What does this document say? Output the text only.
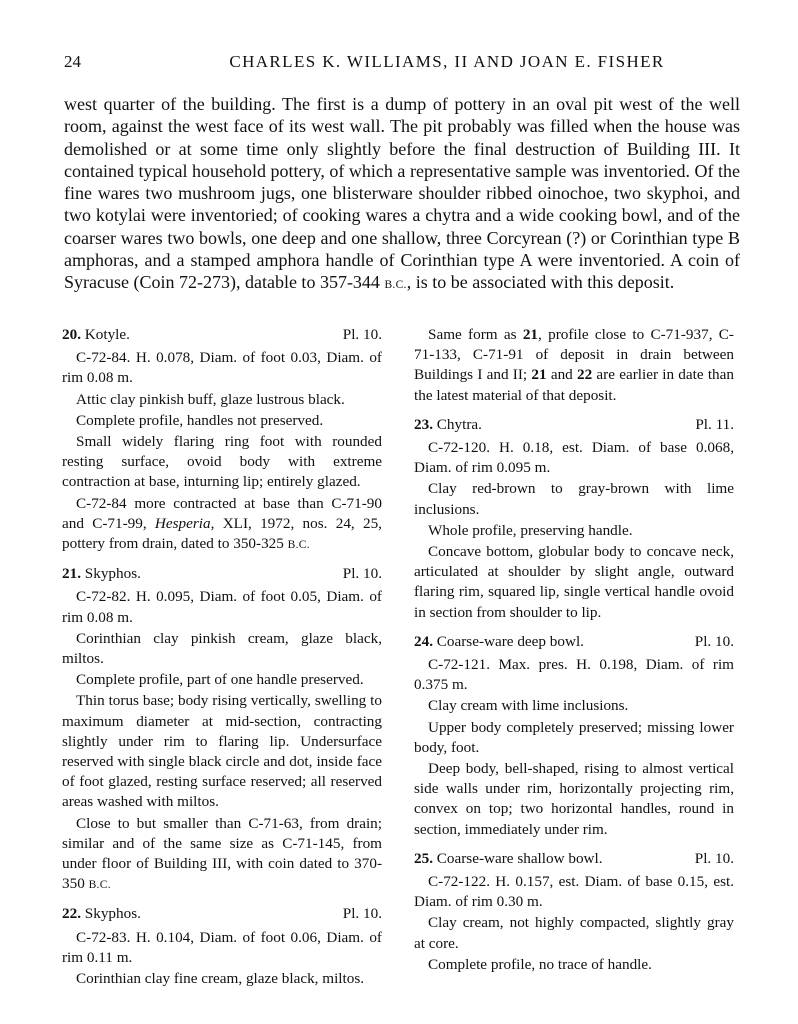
24	CHARLES K. WILLIAMS, II AND JOAN E. FISHER

west quarter of the building. The first is a dump of pottery in an oval pit west of the well room, against the west face of its west wall. The pit probably was filled when the house was demolished or at some time only slightly before the final destruction of Building III. It contained typical household pottery, of which a representative sample was inventoried. Of the fine wares two mushroom jugs, one blisterware shoulder ribbed oinochoe, two skyphoi, and two kotylai were inventoried; of cooking wares a chytra and a wide cooking bowl, and of the coarser wares two bowls, one deep and one shallow, three Corcyrean (?) or Corinthian type B amphoras, and a stamped amphora handle of Corinthian type A were inventoried. A coin of Syracuse (Coin 72-273), datable to 357-344 B.C., is to be associated with this deposit.

20. Kotyle.	Pl. 10.

C-72-84. H. 0.078, Diam. of foot 0.03, Diam. of rim 0.08 m.

Attic clay pinkish buff, glaze lustrous black.

Complete profile, handles not preserved.

Small widely flaring ring foot with rounded resting surface, ovoid body with extreme contraction at base, inturning lip; entirely glazed.

C-72-84 more contracted at base than C-71-90 and C-71-99, Hesperia, XLI, 1972, nos. 24, 25, pottery from drain, dated to 350-325 B.C.

21. Skyphos.	Pl. 10.

C-72-82. H. 0.095, Diam. of foot 0.05, Diam. of rim 0.08 m.

Corinthian clay pinkish cream, glaze black, miltos.

Complete profile, part of one handle preserved.

Thin torus base; body rising vertically, swelling to maximum diameter at mid-section, contracting slightly under rim to flaring lip. Undersurface reserved with single black circle and dot, inside face of foot glazed, resting surface reserved; all reserved areas washed with miltos.

Close to but smaller than C-71-63, from drain; similar and of the same size as C-71-145, from under floor of Building III, with coin dated to 370-350 B.C.

22. Skyphos.	Pl. 10.

C-72-83. H. 0.104, Diam. of foot 0.06, Diam. of rim 0.11 m.

Corinthian clay fine cream, glaze black, miltos.

Same form as 21, profile close to C-71-937, C-71-133, C-71-91 of deposit in drain between Buildings I and II; 21 and 22 are earlier in date than the latest material of that deposit.

23. Chytra.	Pl. 11.

C-72-120. H. 0.18, est. Diam. of base 0.068, Diam. of rim 0.095 m.

Clay red-brown to gray-brown with lime inclusions.

Whole profile, preserving handle.

Concave bottom, globular body to concave neck, articulated at shoulder by slight angle, outward flaring rim, squared lip, single vertical handle ovoid in section from shoulder to lip.

24. Coarse-ware deep bowl.	Pl. 10.

C-72-121. Max. pres. H. 0.198, Diam. of rim 0.375 m.

Clay cream with lime inclusions.

Upper body completely preserved; missing lower body, foot.

Deep body, bell-shaped, rising to almost vertical side walls under rim, horizontally projecting rim, convex on top; two horizontal handles, round in section, immediately under rim.

25. Coarse-ware shallow bowl.	Pl. 10.

C-72-122. H. 0.157, est. Diam. of base 0.15, est. Diam. of rim 0.30 m.

Clay cream, not highly compacted, slightly gray at core.

Complete profile, no trace of handle.
